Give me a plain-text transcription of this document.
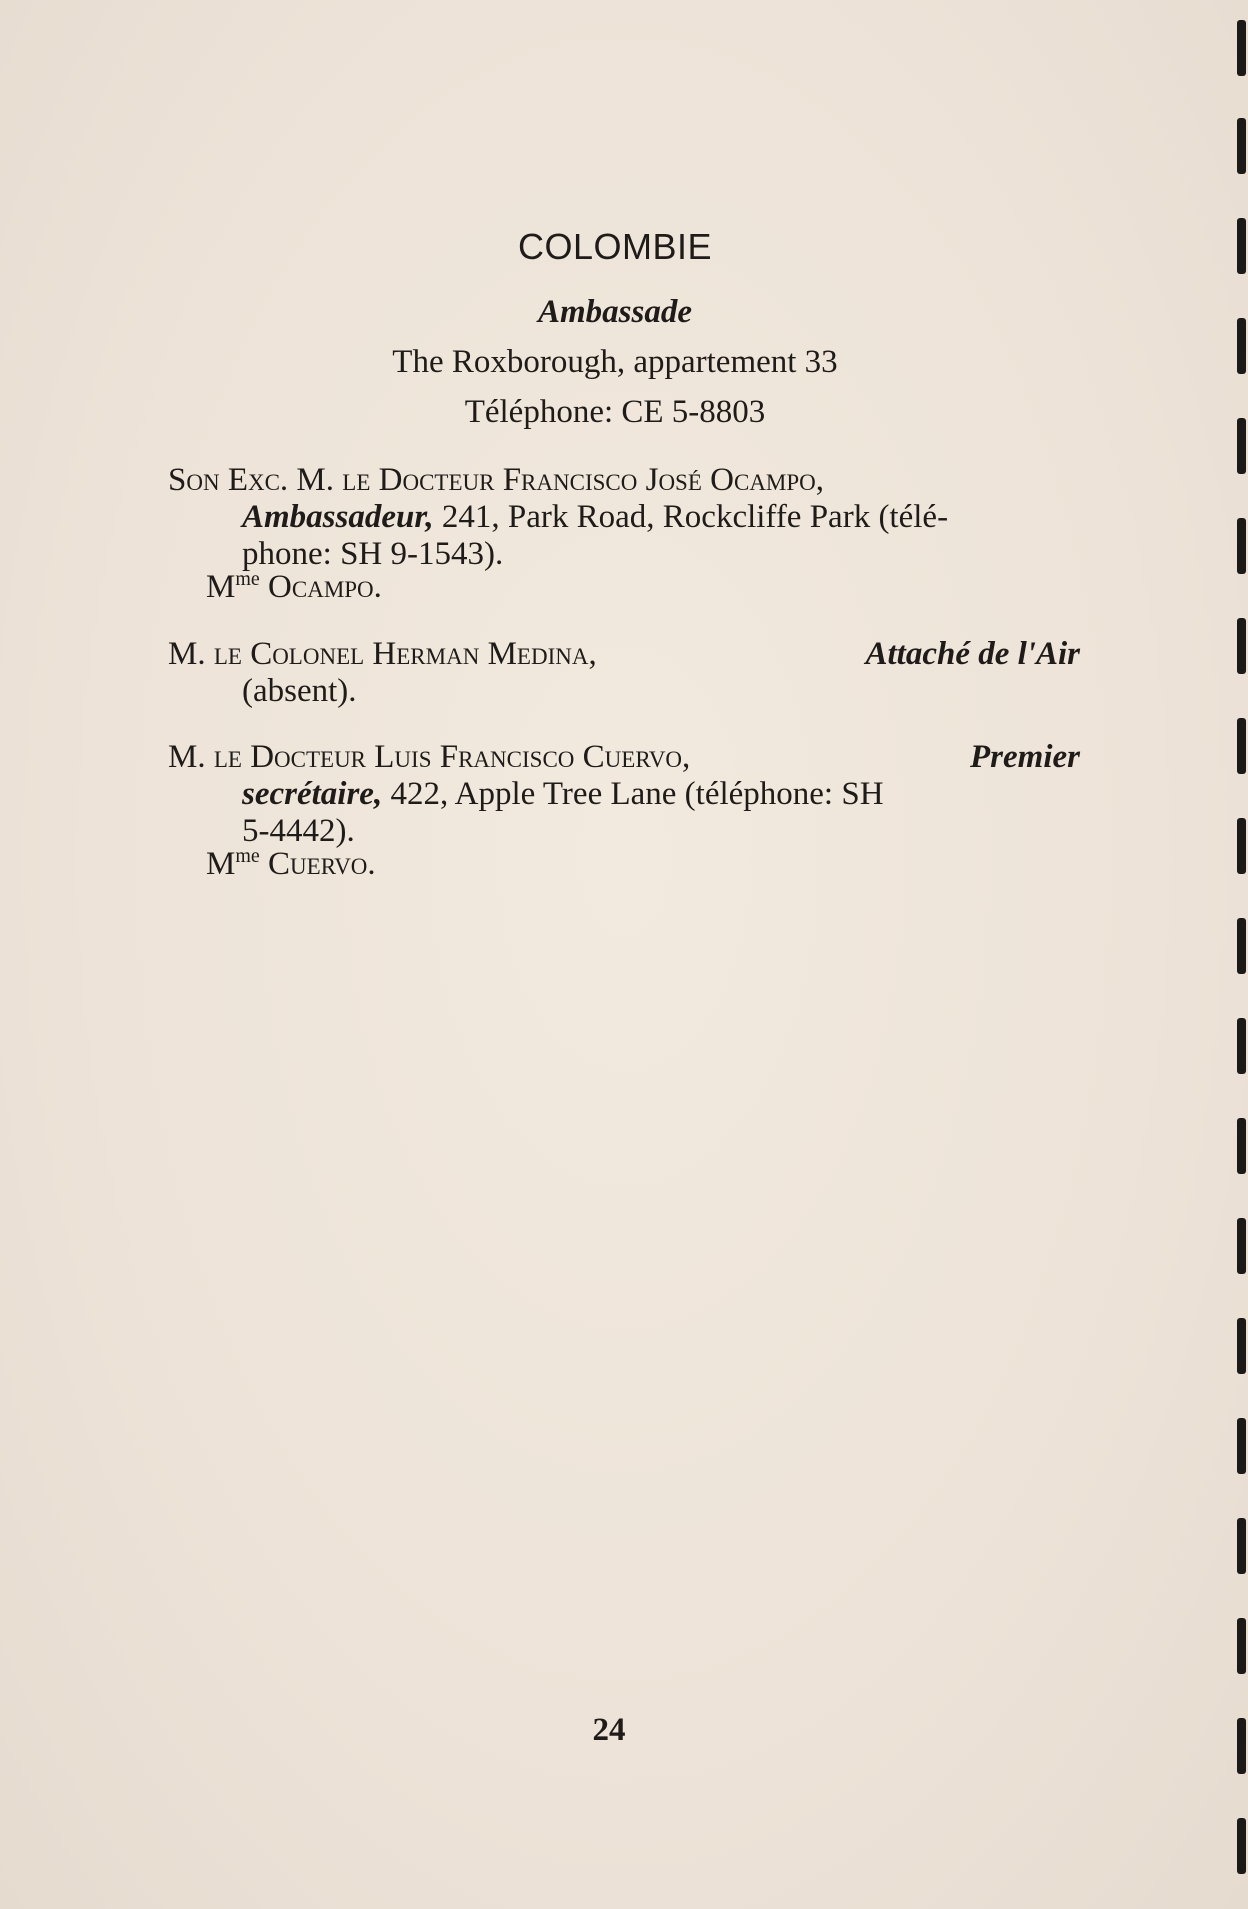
COLOMBIE
Ambassade
The Roxborough, appartement 33
Téléphone: CE 5-8803
Son Exc. M. le Docteur Francisco José Ocampo,
Ambassadeur, 241, Park Road, Rockcliffe Park (télé-
phone: SH 9-1543).
$M^{me}$ Ocampo.
M. le Colonel Herman Medina,	Attaché de l'Air
(absent).
M. le Docteur Luis Francisco Cuervo,	Premier
secrétaire, 422, Apple Tree Lane (téléphone: SH
5-4442).
$M^{me}$ Cuervo.
24
